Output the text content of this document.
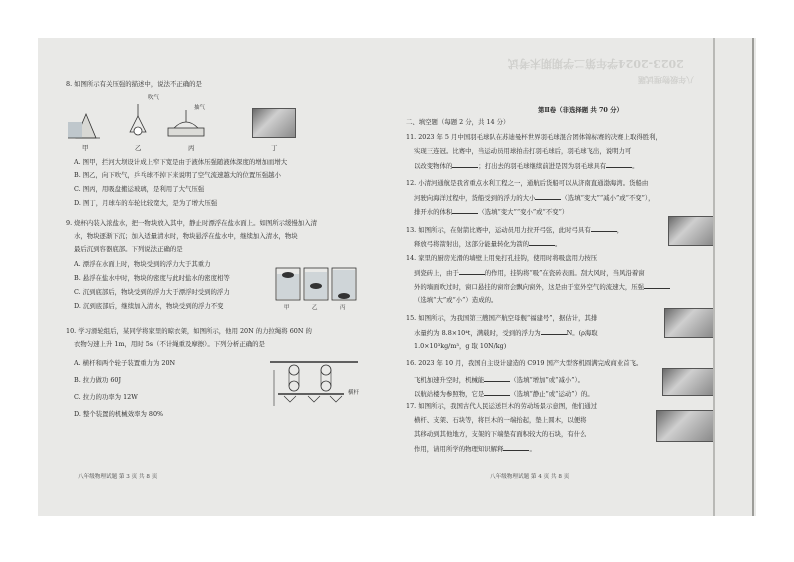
2023-2024学年第二学期期末考试
八年级物理试题
8. 如图所示有关压强的描述中，说法不正确的是
吹气
抽气
甲	乙	丙	丁
A. 图甲，拦河大坝设计成上窄下宽是由于液体压强随液体深度的增加而增大
B. 图乙，向下吹气，乒乓球不掉下来说明了空气流速越大的位置压强越小
C. 图丙，用吸盘搬运玻璃，是利用了大气压强
D. 图丁，月球车的车轮比较宽大，是为了增大压强
9. 烧杯内装入浓盐水，把一物块放入其中，静止时漂浮在盐水面上。如图所示缓慢加入清
水，物块逐渐下沉；加入适量清水时，物块悬浮在盐水中，继续加入清水，物块
最后沉到容器底部。下列说法正确的是
A. 漂浮在水面上时，物块受到的浮力大于其重力
B. 悬浮在盐水中时，物块的密度与此时盐水的密度相等
C. 沉到底部后，物块受到的浮力大于漂浮时受到的浮力
D. 沉到底部后，继续加入清水，物块受到的浮力不变	甲	乙	丙
10. 学习滑轮组后，某同学将家里的晾衣架，如图所示，他用 20N 的力拉绳将 60N 的
衣物匀速上升 1m，用时 5s（不计绳重及摩擦）。下列分析正确的是
A. 横杆和两个轮子装置重力为 20N
B. 拉力做功 60J
C. 拉力的功率为 12W
D. 整个装置的机械效率为 80%
横杆
八年级物理试题 第 3 页 共 8 页
第Ⅱ卷（非选择题 共 70 分）
二、填空题（每题 2 分，共 14 分）
11. 2023 年 5 月中国羽毛球队在苏迪曼杯世界羽毛球混合团体锦标赛的决赛上取得胜利，
实现三连冠。比赛中，当运动员用球拍击打羽毛球后，羽毛球飞出，说明力可
以改变物体的	；打出去的羽毛球继续前进是因为羽毛球具有	。
12. 小清河通航是我省重点水利工程之一，通航后货船可以从济南直通渤海湾。货船由
河驶向海洋过程中，货船受到的浮力的大小	（选填“变大”“减小”或“不变”），
排开水的体积	（选填“变大”“变小”或“不变”）
13. 如图所示，在射箭比赛中，运动员用力拉开弓弦，此时弓具有	，
释放弓将箭射出，这部分能量转化为箭的	。
14. 家里的厨房光滑的墙壁上用免打孔挂钩，使用时将吸盘用力按压
到瓷砖上，由于	的作用，挂钩将“吸”在瓷砖表面。刮大风时，当风沿着窗
外的墙面吹过时，窗口悬挂的窗帘会飘向窗外，这是由于室外空气的流速大，压强
（选填“大”或“小”）造成的。
15. 如图所示，为我国第三艘国产航空母舰“福建号”，据估计，其排
水量约为 8.8×10⁴t，满载时，受到的浮力为	N。(ρ海取
1.0×10³kg/m³，g 取 10N/kg)
16. 2023 年 10 月，我国自主设计建造的 C919 国产大型客机圆满完成商业首飞。
飞机加速升空时，机械能	（选填“增加”或“减小”）。
以航站楼为参照物，它是	（选填“静止”或“运动”）的。
17. 如图所示，我国古代人民运送巨木的劳动场景示意图，他们通过
横杆、支架、石块等，将巨木的一端抬起，垫上圆木，以便将
其移动到其他地方，支架的下端垫有面积较大的石块，有什么
作用，请用所学的物理知识解释	。
八年级物理试题 第 4 页 共 8 页
